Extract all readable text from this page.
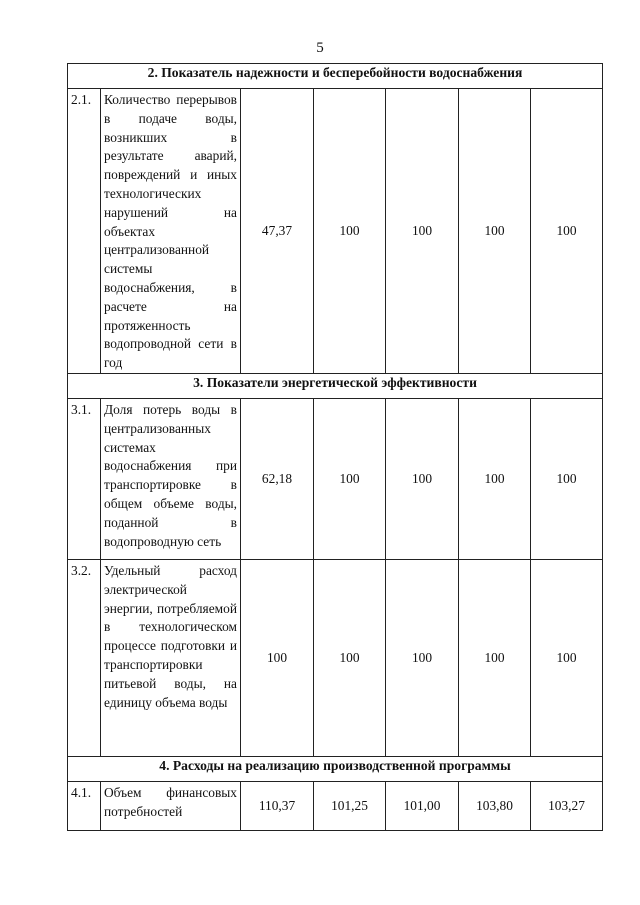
5
2. Показатель надежности и бесперебойности водоснабжения						
2.1.	Количество перерывов в подаче воды, возникших в результате аварий, повреждений и иных технологических нарушений на объектах централизованной системы водоснабжения, в расчете на протяженность водопроводной сети в год	47,37	100	100	100	100
3. Показатели энергетической эффективности						
3.1.	Доля потерь воды в централизованных системах водоснабжения при транспортировке в общем объеме воды, поданной в водопроводную сеть	62,18	100	100	100	100
3.2.	Удельный расход электрической энергии, потребляемой в технологическом процессе подготовки и транспортировки питьевой воды, на единицу объема воды	100	100	100	100	100
4. Расходы на реализацию производственной программы						
4.1.	Объем финансовых потребностей	110,37	101,25	101,00	103,80	103,27
